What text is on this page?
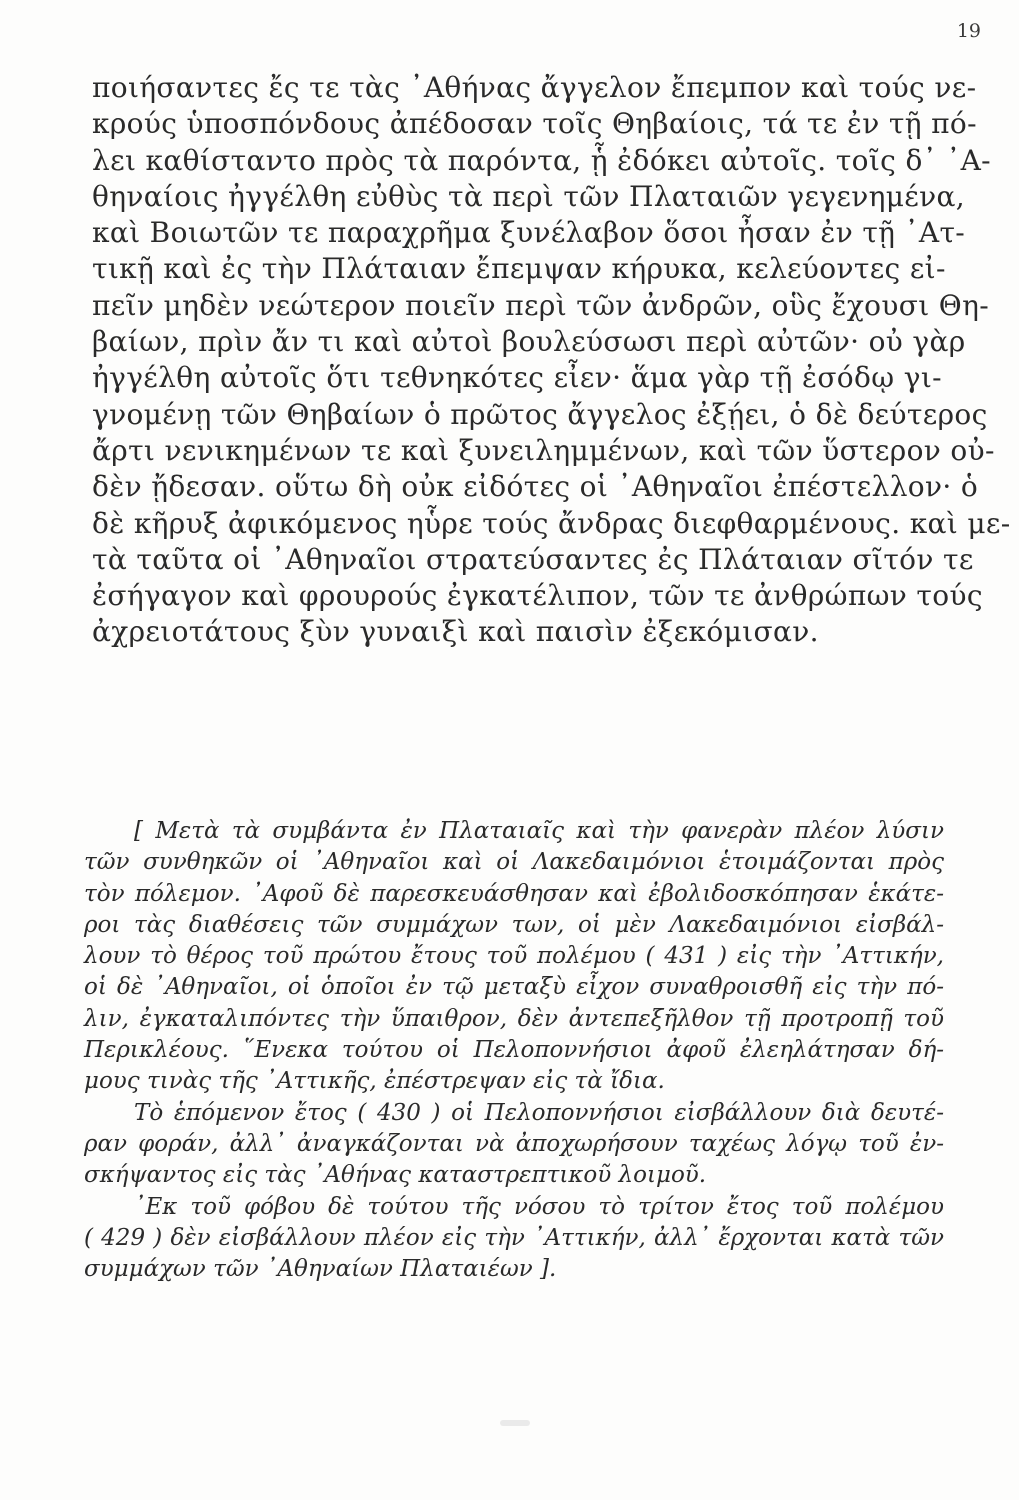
19
ποιήσαντες ἔς τε τὰς ᾿Αθήνας ἄγγελον ἔπεμπον καὶ τούς νε-
κρούς ὑποσπόνδους ἀπέδοσαν τοῖς Θηβαίοις, τά τε ἐν τῇ πό-
λει καθίσταντο πρὸς τὰ παρόντα, ᾗ ἐδόκει αὐτοῖς. τοῖς δ᾿ ᾿Α-
θηναίοις ἠγγέλθη εὐθὺς τὰ περὶ τῶν Πλαταιῶν γεγενημένα,
καὶ Βοιωτῶν τε παραχρῆμα ξυνέλαβον ὅσοι ἦσαν ἐν τῇ ᾿Ατ-
τικῇ καὶ ἐς τὴν Πλάταιαν ἔπεμψαν κήρυκα, κελεύοντες εἰ-
πεῖν μηδὲν νεώτερον ποιεῖν περὶ τῶν ἀνδρῶν, οὓς ἔχουσι Θη-
βαίων, πρὶν ἄν τι καὶ αὐτοὶ βουλεύσωσι περὶ αὐτῶν· οὐ γὰρ
ἠγγέλθη αὐτοῖς ὅτι τεθνηκότες εἶεν· ἅμα γὰρ τῇ ἐσόδῳ γι-
γνομένῃ τῶν Θηβαίων ὁ πρῶτος ἄγγελος ἐξῄει, ὁ δὲ δεύτερος
ἄρτι νενικημένων τε καὶ ξυνειλημμένων, καὶ τῶν ὕστερον οὐ-
δὲν ᾔδεσαν. οὕτω δὴ οὐκ εἰδότες οἱ ᾿Αθηναῖοι ἐπέστελλον· ὁ
δὲ κῆρυξ ἀφικόμενος ηὗρε τούς ἄνδρας διεφθαρμένους. καὶ με-
τὰ ταῦτα οἱ ᾿Αθηναῖοι στρατεύσαντες ἐς Πλάταιαν σῖτόν τε
ἐσήγαγον καὶ φρουρούς ἐγκατέλιπον, τῶν τε ἀνθρώπων τούς
ἀχρειοτάτους ξὺν γυναιξὶ καὶ παισὶν ἐξεκόμισαν.
[ Μετὰ τὰ συμβάντα ἐν Πλαταιαῖς καὶ τὴν φανερὰν πλέον λύσιν
τῶν συνθηκῶν οἱ ᾿Αθηναῖοι καὶ οἱ Λακεδαιμόνιοι ἑτοιμάζονται πρὸς
τὸν πόλεμον. ᾿Αφοῦ δὲ παρεσκευάσθησαν καὶ ἐβολιδοσκόπησαν ἑκάτε-
ροι τὰς διαθέσεις τῶν συμμάχων των, οἱ μὲν Λακεδαιμόνιοι εἰσβάλ-
λουν τὸ θέρος τοῦ πρώτου ἔτους τοῦ πολέμου ( 431 ) εἰς τὴν ᾿Αττικήν,
οἱ δὲ ᾿Αθηναῖοι, οἱ ὁποῖοι ἐν τῷ μεταξὺ εἶχον συναθροισθῆ εἰς τὴν πό-
λιν, ἐγκαταλιπόντες τὴν ὕπαιθρον, δὲν ἀντεπεξῆλθον τῇ προτροπῇ τοῦ
Περικλέους. ῞Ενεκα τούτου οἱ Πελοποννήσιοι ἀφοῦ ἐλεηλάτησαν δή-
μους τινὰς τῆς ᾿Αττικῆς, ἐπέστρεψαν εἰς τὰ ἴδια.
Τὸ ἑπόμενον ἔτος ( 430 ) οἱ Πελοποννήσιοι εἰσβάλλουν διὰ δευτέ-
ραν φοράν, ἀλλ᾿ ἀναγκάζονται νὰ ἀποχωρήσουν ταχέως λόγῳ τοῦ ἐν-
σκήψαντος εἰς τὰς ᾿Αθήνας καταστρεπτικοῦ λοιμοῦ.
᾿Εκ τοῦ φόβου δὲ τούτου τῆς νόσου τὸ τρίτον ἔτος τοῦ πολέμου
( 429 ) δὲν εἰσβάλλουν πλέον εἰς τὴν ᾿Αττικήν, ἀλλ᾿ ἔρχονται κατὰ τῶν
συμμάχων τῶν ᾿Αθηναίων Πλαταιέων ].
